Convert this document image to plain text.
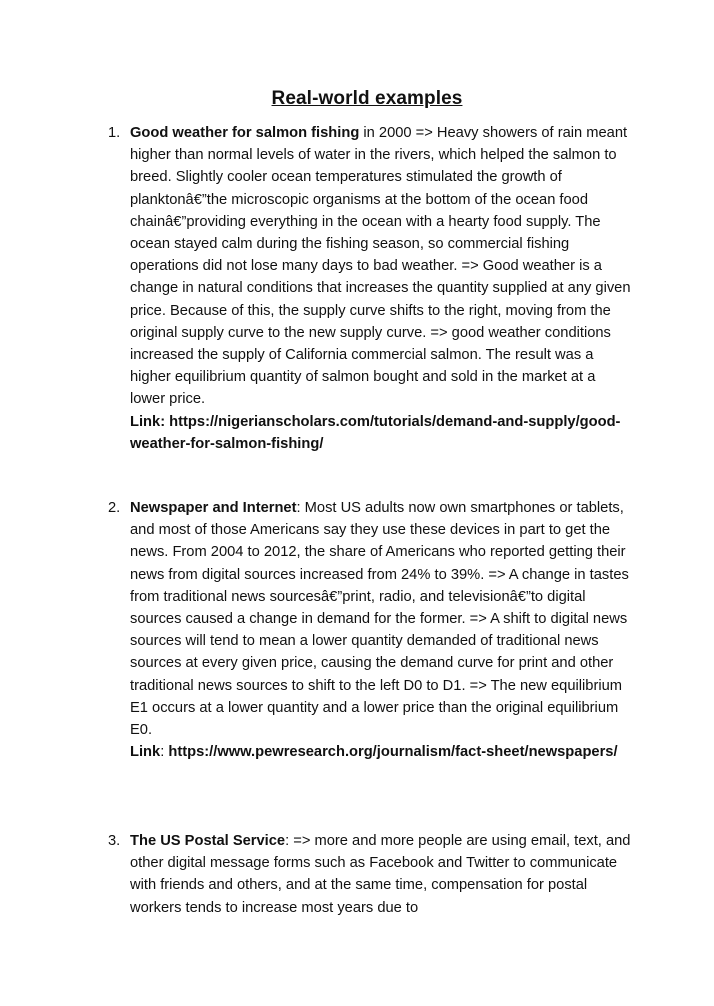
Real-world examples
1. Good weather for salmon fishing in 2000 => Heavy showers of rain meant higher than normal levels of water in the rivers, which helped the salmon to breed. Slightly cooler ocean temperatures stimulated the growth of planktonâ€”the microscopic organisms at the bottom of the ocean food chainâ€”providing everything in the ocean with a hearty food supply. The ocean stayed calm during the fishing season, so commercial fishing operations did not lose many days to bad weather. => Good weather is a change in natural conditions that increases the quantity supplied at any given price. Because of this, the supply curve shifts to the right, moving from the original supply curve to the new supply curve. => good weather conditions increased the supply of California commercial salmon. The result was a higher equilibrium quantity of salmon bought and sold in the market at a lower price.
Link: https://nigerianscholars.com/tutorials/demand-and-supply/good-weather-for-salmon-fishing/
2. Newspaper and Internet: Most US adults now own smartphones or tablets, and most of those Americans say they use these devices in part to get the news. From 2004 to 2012, the share of Americans who reported getting their news from digital sources increased from 24% to 39%. => A change in tastes from traditional news sourcesâ€”print, radio, and televisionâ€”to digital sources caused a change in demand for the former. => A shift to digital news sources will tend to mean a lower quantity demanded of traditional news sources at every given price, causing the demand curve for print and other traditional news sources to shift to the left D0 to D1. => The new equilibrium E1 occurs at a lower quantity and a lower price than the original equilibrium E0.
Link: https://www.pewresearch.org/journalism/fact-sheet/newspapers/
3. The US Postal Service: => more and more people are using email, text, and other digital message forms such as Facebook and Twitter to communicate with friends and others, and at the same time, compensation for postal workers tends to increase most years due to
